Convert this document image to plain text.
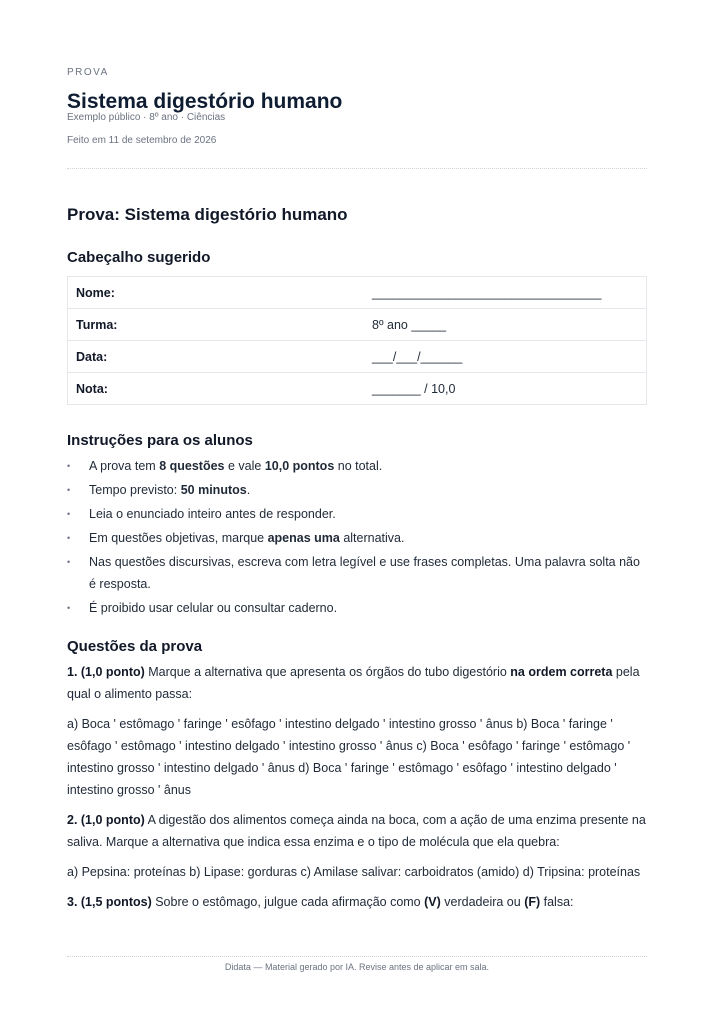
PROVA
Sistema digestório humano
Exemplo público · 8º ano · Ciências
Feito em 11 de setembro de 2026
Prova: Sistema digestório humano
Cabeçalho sugerido
Nome:	_________________________________
Turma:	8º ano _____
Data:	___/___/______
Nota:	_______ / 10,0
Instruções para os alunos
• A prova tem 8 questões e vale 10,0 pontos no total.
• Tempo previsto: 50 minutos.
• Leia o enunciado inteiro antes de responder.
• Em questões objetivas, marque apenas uma alternativa.
• Nas questões discursivas, escreva com letra legível e use frases completas. Uma palavra solta não é resposta.
• É proibido usar celular ou consultar caderno.
Questões da prova

1. (1,0 ponto) Marque a alternativa que apresenta os órgãos do tubo digestório na ordem correta pela qual o alimento passa:

a) Boca ' estômago ' faringe ' esôfago ' intestino delgado ' intestino grosso ' ânus b) Boca ' faringe ' esôfago ' estômago ' intestino delgado ' intestino grosso ' ânus c) Boca ' esôfago ' faringe ' estômago ' intestino grosso ' intestino delgado ' ânus d) Boca ' faringe ' estômago ' esôfago ' intestino delgado ' intestino grosso ' ânus

2. (1,0 ponto) A digestão dos alimentos começa ainda na boca, com a ação de uma enzima presente na saliva. Marque a alternativa que indica essa enzima e o tipo de molécula que ela quebra:

a) Pepsina: proteínas b) Lipase: gorduras c) Amilase salivar: carboidratos (amido) d) Tripsina: proteínas

3. (1,5 pontos) Sobre o estômago, julgue cada afirmação como (V) verdadeira ou (F) falsa:

Didata — Material gerado por IA. Revise antes de aplicar em sala.
